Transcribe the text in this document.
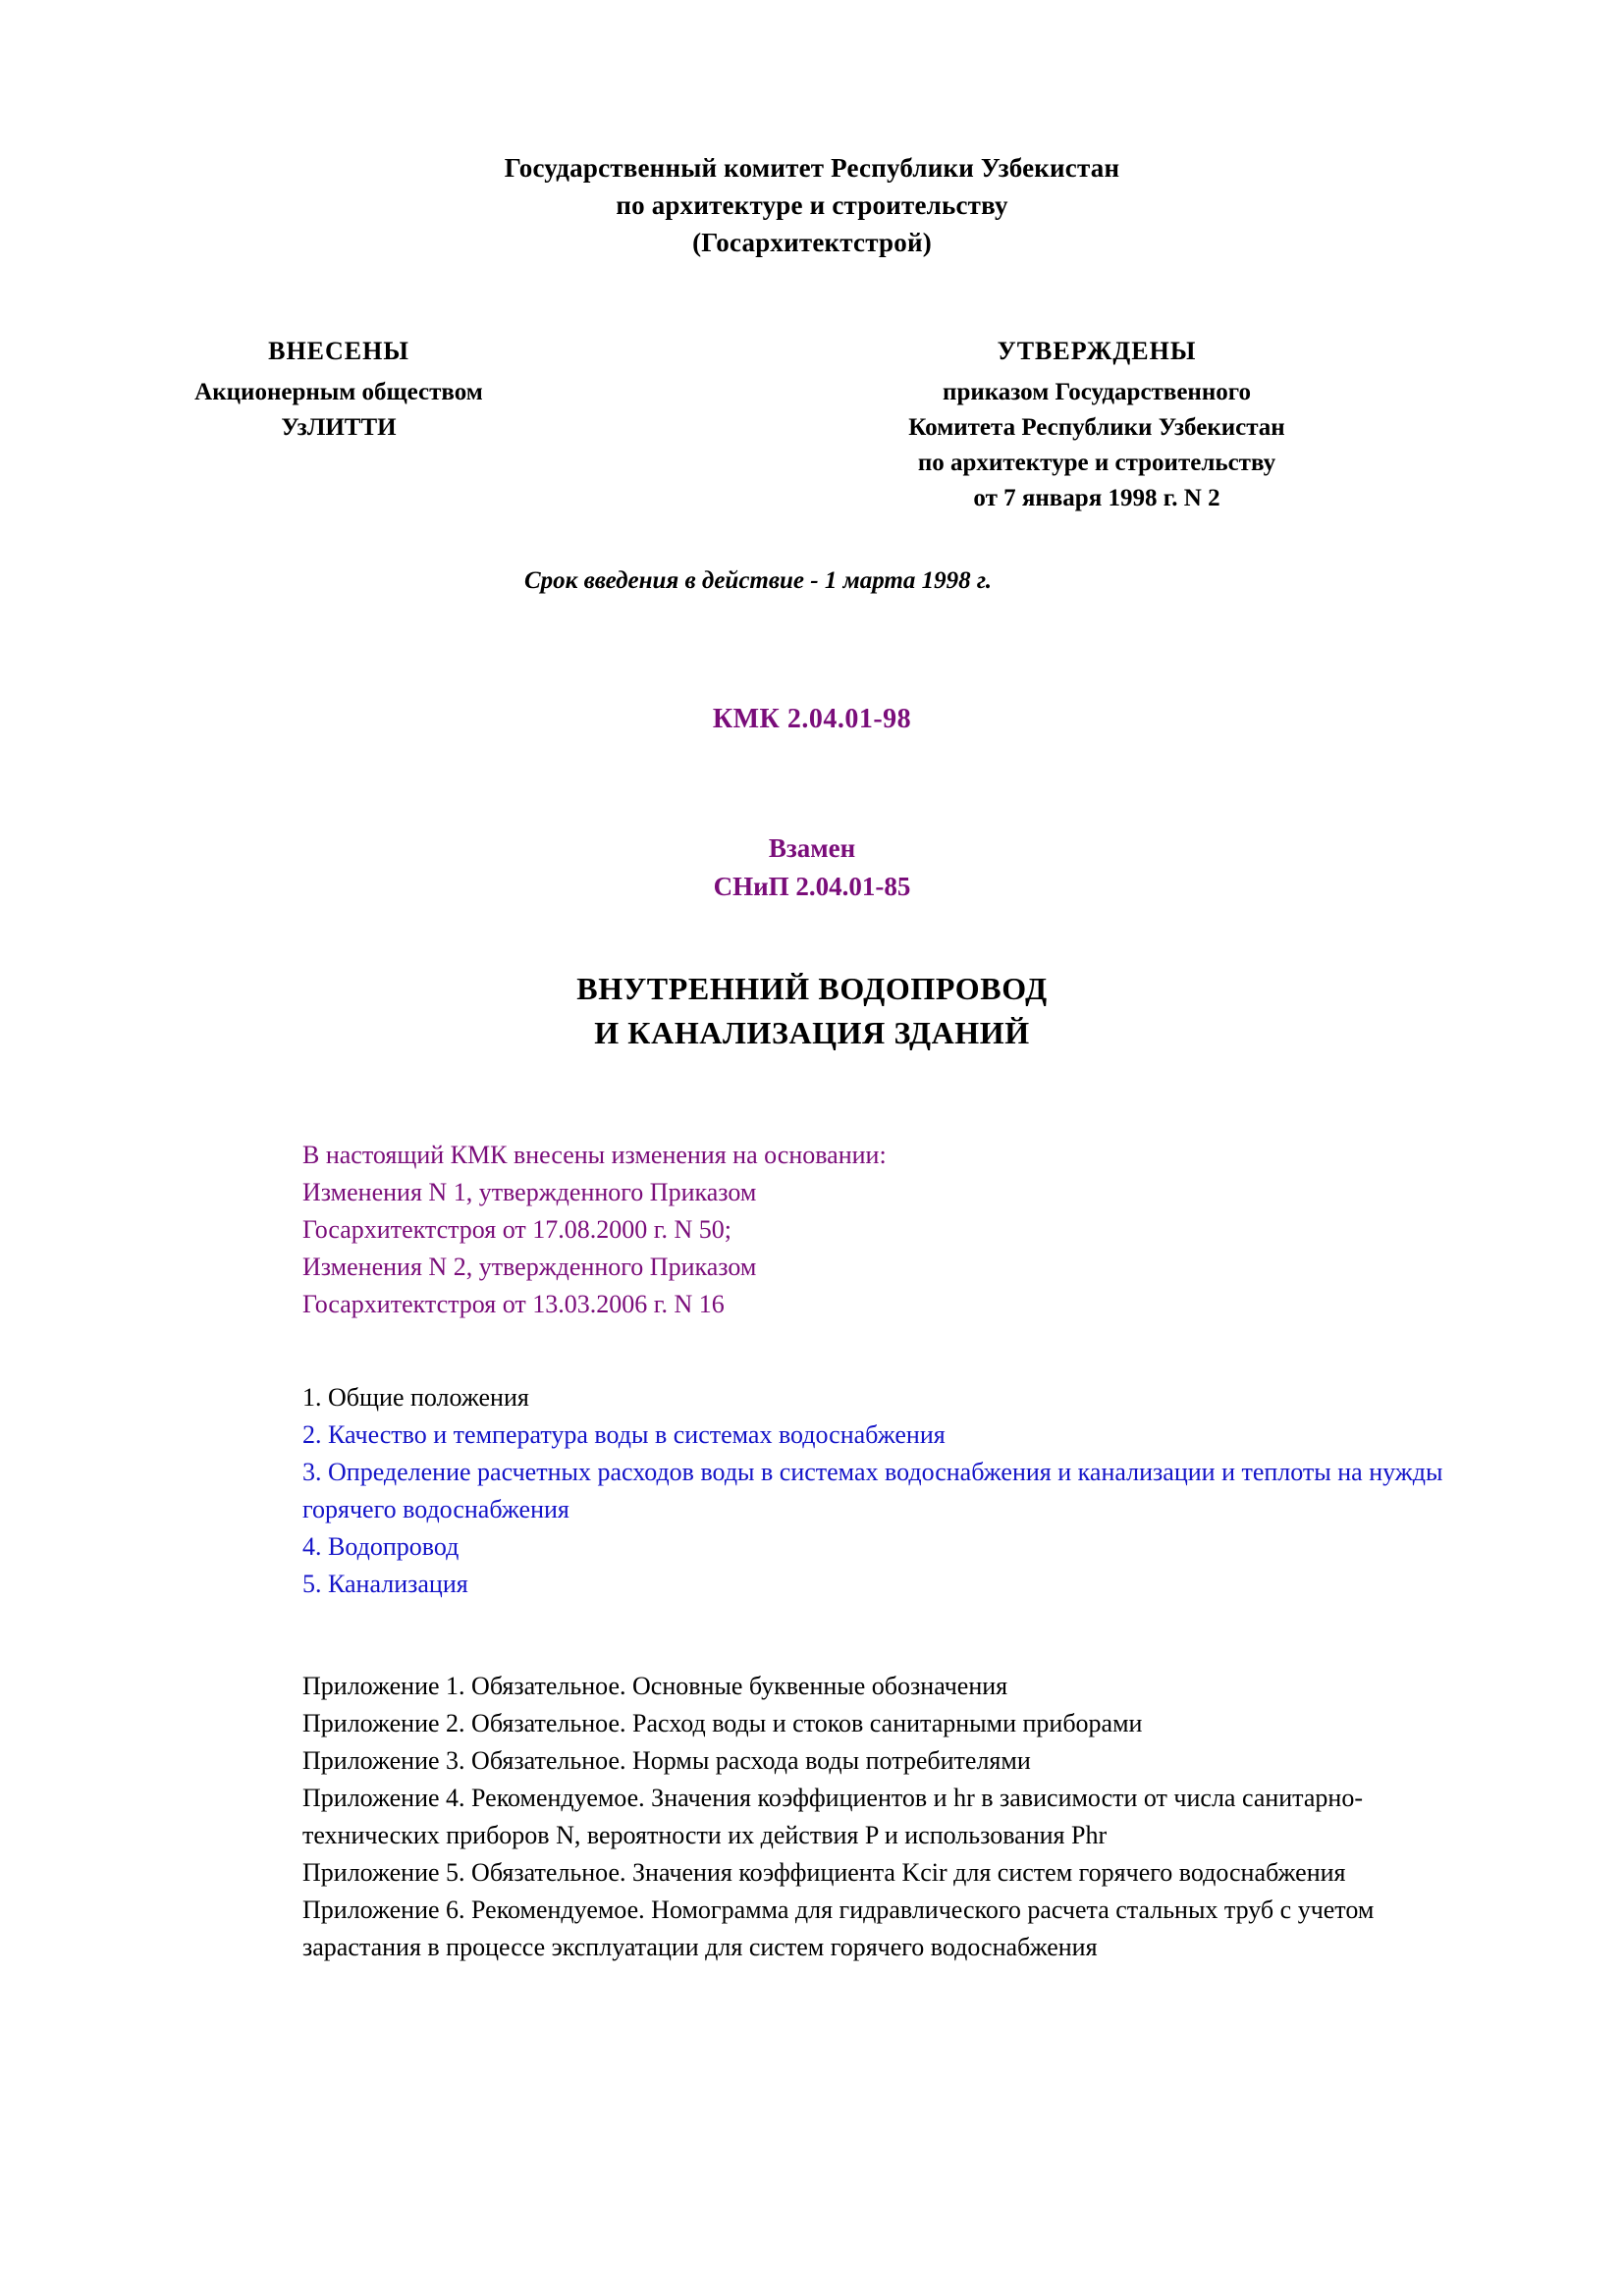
Государственный комитет Республики Узбекистан
по архитектуре и строительству
(Госархитектстрой)
ВНЕСЕНЫ
Акционерным обществом
УзЛИТТИ
УТВЕРЖДЕНЫ
приказом Государственного
Комитета Республики Узбекистан
по архитектуре и строительству
от 7 января 1998 г. N 2
Срок введения в действие - 1 марта 1998 г.
КМК 2.04.01-98
Взамен
СНиП 2.04.01-85
ВНУТРЕННИЙ ВОДОПРОВОД
И КАНАЛИЗАЦИЯ ЗДАНИЙ
В настоящий КМК внесены изменения на основании:
Изменения N 1, утвержденного Приказом
Госархитектстроя от 17.08.2000 г. N 50;
Изменения N 2, утвержденного Приказом
Госархитектстроя от 13.03.2006 г. N 16
1. Общие положения
2. Качество и температура воды в системах водоснабжения
3. Определение расчетных расходов воды в системах водоснабжения и канализации и теплоты на нужды горячего водоснабжения
4. Водопровод
5. Канализация
Приложение 1. Обязательное. Основные буквенные обозначения
Приложение 2. Обязательное. Расход воды и стоков санитарными приборами
Приложение 3. Обязательное. Нормы расхода воды потребителями
Приложение 4. Рекомендуемое. Значения коэффициентов и hr в зависимости от числа санитарно-технических приборов N, вероятности их действия P и использования Phr
Приложение 5. Обязательное. Значения коэффициента Kcir для систем горячего водоснабжения
Приложение 6. Рекомендуемое. Номограмма для гидравлического расчета стальных труб с учетом зарастания в процессе эксплуатации для систем горячего водоснабжения
